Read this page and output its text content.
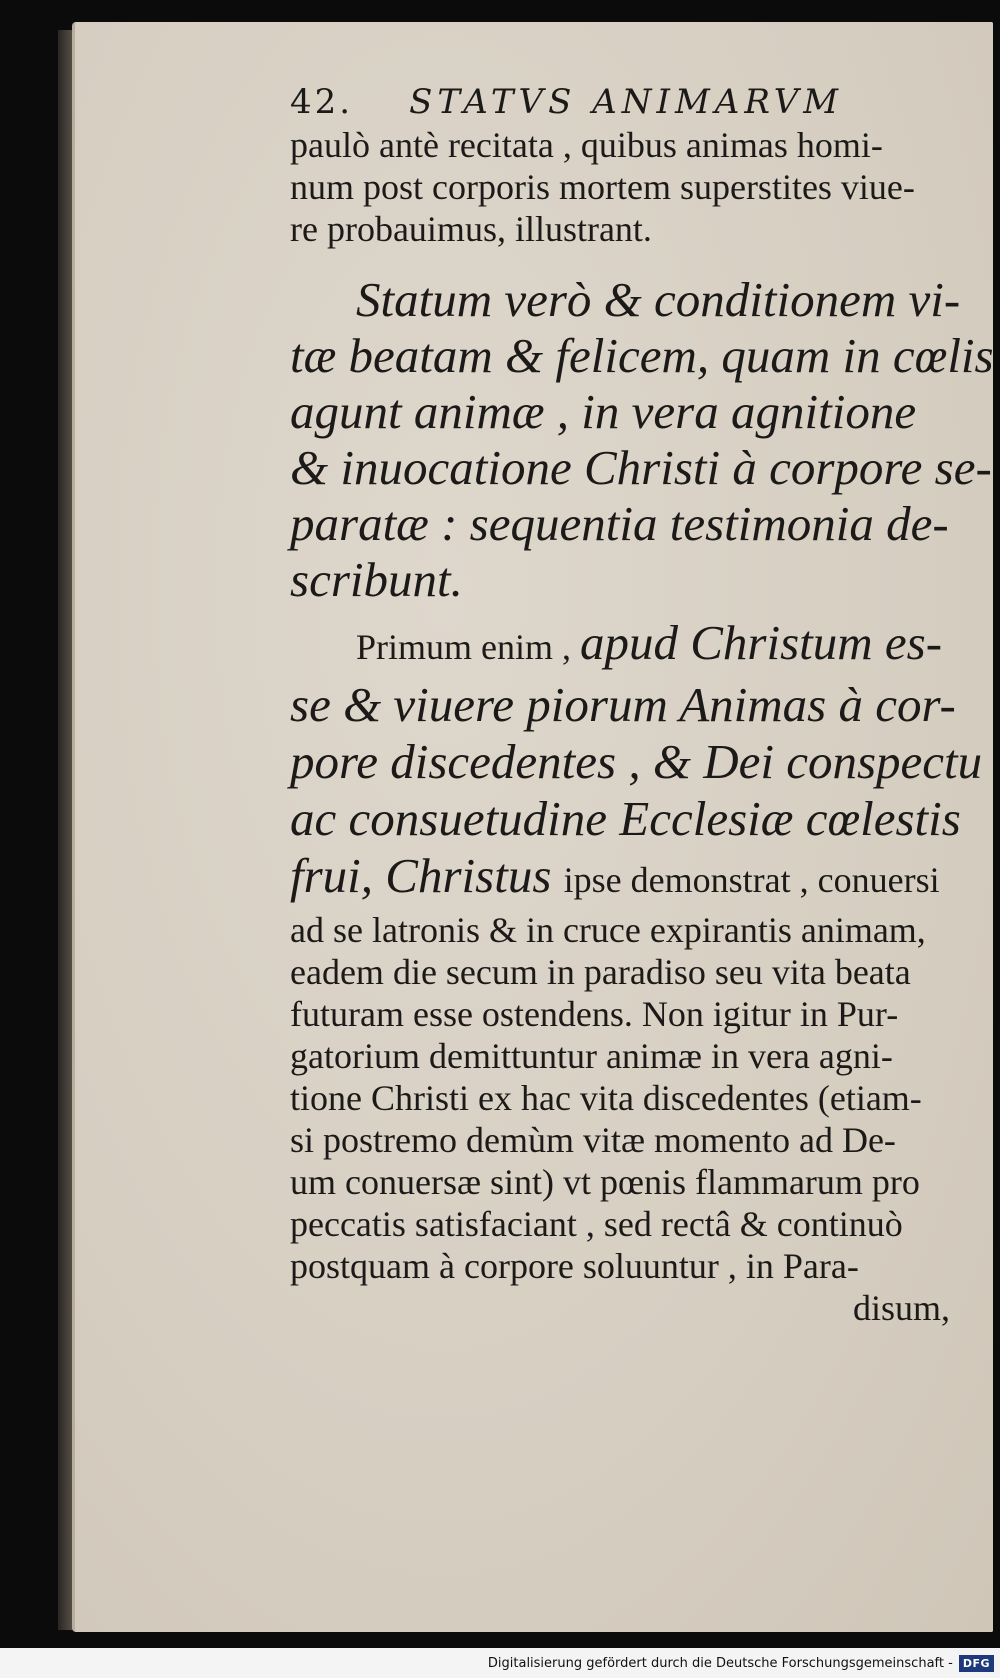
42. STATVS ANIMARVM
paulò antè recitata , quibus animas homi-
num post corporis mortem superstites viue-
re probauimus, illustrant.
Statum verò & conditionem vi-
tæ beatam & felicem, quam in cœlis
agunt animæ , in vera agnitione
& inuocatione Christi à corpore se-
paratæ : sequentia testimonia de-
scribunt.
Primum enim , apud Christum es-
se & viuere piorum Animas à cor-
pore discedentes , & Dei conspectu
ac consuetudine Ecclesiæ cœlestis
frui, Christus ipse demonstrat , conuersi
ad se latronis & in cruce expirantis animam,
eadem die secum in paradiso seu vita beata
futuram esse ostendens. Non igitur in Pur-
gatorium demittuntur animæ in vera agni-
tione Christi ex hac vita discedentes (etiam-
si postremo demùm vitæ momento ad De-
um conuersæ sint) vt pœnis flammarum pro
peccatis satisfaciant , sed rectâ & continuò
postquam à corpore soluuntur , in Para-
disum,
Digitalisierung gefördert durch die Deutsche Forschungsgemeinschaft - DFG
